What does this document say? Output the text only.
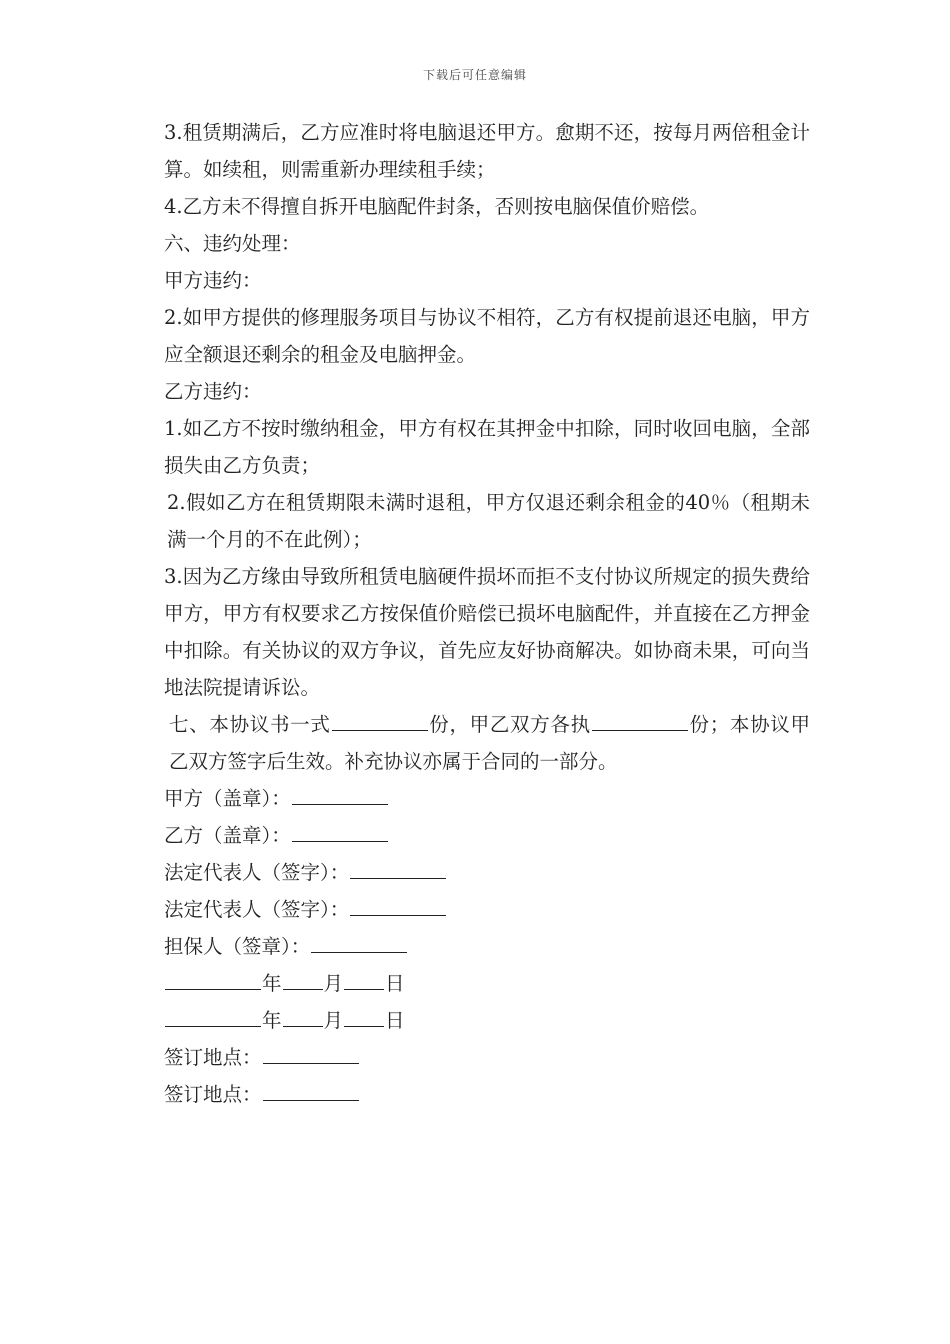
下载后可任意编辑

3.租赁期满后，乙方应准时将电脑退还甲方。愈期不还，按每月两倍租金计算。如续租，则需重新办理续租手续；

4.乙方未不得擅自拆开电脑配件封条，否则按电脑保值价赔偿。

六、违约处理：

甲方违约：

2.如甲方提供的修理服务项目与协议不相符，乙方有权提前退还电脑，甲方应全额退还剩余的租金及电脑押金。

乙方违约：

1.如乙方不按时缴纳租金，甲方有权在其押金中扣除，同时收回电脑，全部损失由乙方负责；

2.假如乙方在租赁期限未满时退租，甲方仅退还剩余租金的40％（租期未满一个月的不在此例）；

3.因为乙方缘由导致所租赁电脑硬件损坏而拒不支付协议所规定的损失费给甲方，甲方有权要求乙方按保值价赔偿已损坏电脑配件，并直接在乙方押金中扣除。有关协议的双方争议，首先应友好协商解决。如协商未果，可向当地法院提请诉讼。

七、本协议书一式	份，甲乙双方各执	份；本协议甲乙双方签字后生效。补充协议亦属于合同的一部分。

甲方（盖章）：

乙方（盖章）：

法定代表人（签字）：

法定代表人（签字）：

担保人（签章）：

年 月 日

年 月 日

签订地点：

签订地点：
